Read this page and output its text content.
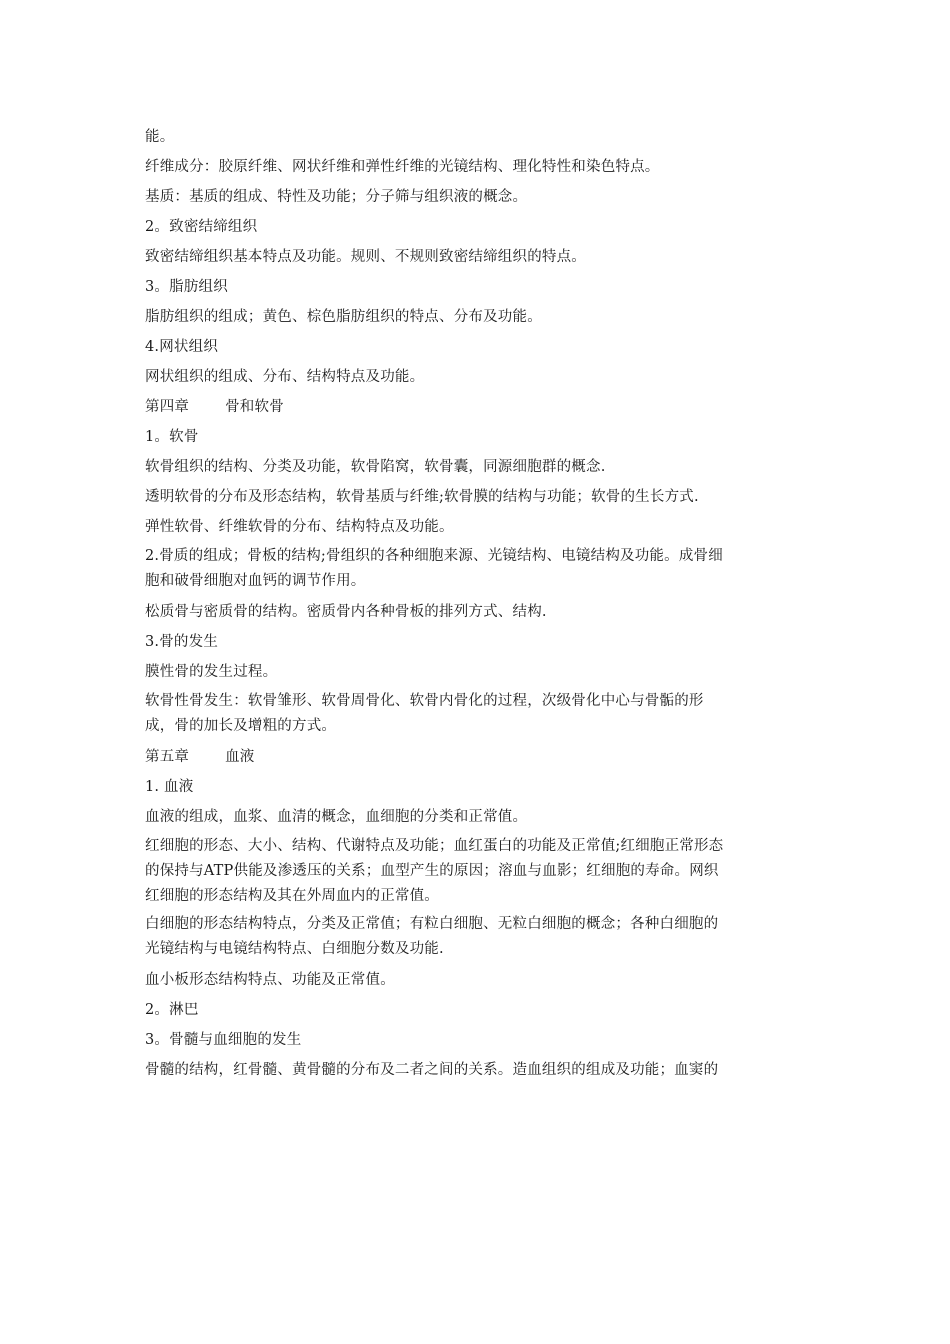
能。

纤维成分：胶原纤维、网状纤维和弹性纤维的光镜结构、理化特性和染色特点。

基质：基质的组成、特性及功能；分子筛与组织液的概念。

2。致密结缔组织

致密结缔组织基本特点及功能。规则、不规则致密结缔组织的特点。

3。脂肪组织

脂肪组织的组成；黄色、棕色脂肪组织的特点、分布及功能。

4.网状组织

网状组织的组成、分布、结构特点及功能。

第四章 骨和软骨

1。软骨

软骨组织的结构、分类及功能，软骨陷窝，软骨囊，同源细胞群的概念.

透明软骨的分布及形态结构，软骨基质与纤维;软骨膜的结构与功能；软骨的生长方式.

弹性软骨、纤维软骨的分布、结构特点及功能。

2.骨质的组成；骨板的结构;骨组织的各种细胞来源、光镜结构、电镜结构及功能。成骨细
胞和破骨细胞对血钙的调节作用。

松质骨与密质骨的结构。密质骨内各种骨板的排列方式、结构.

3.骨的发生

膜性骨的发生过程。

软骨性骨发生：软骨雏形、软骨周骨化、软骨内骨化的过程，次级骨化中心与骨骺的形
成，骨的加长及增粗的方式。

第五章 血液

1. 血液

血液的组成，血浆、血清的概念，血细胞的分类和正常值。

红细胞的形态、大小、结构、代谢特点及功能；血红蛋白的功能及正常值;红细胞正常形态
的保持与ATP供能及渗透压的关系；血型产生的原因；溶血与血影；红细胞的寿命。网织
红细胞的形态结构及其在外周血内的正常值。
白细胞的形态结构特点，分类及正常值；有粒白细胞、无粒白细胞的概念；各种白细胞的
光镜结构与电镜结构特点、白细胞分数及功能.

血小板形态结构特点、功能及正常值。

2。淋巴

3。骨髓与血细胞的发生

骨髓的结构，红骨髓、黄骨髓的分布及二者之间的关系。造血组织的组成及功能；血窦的
